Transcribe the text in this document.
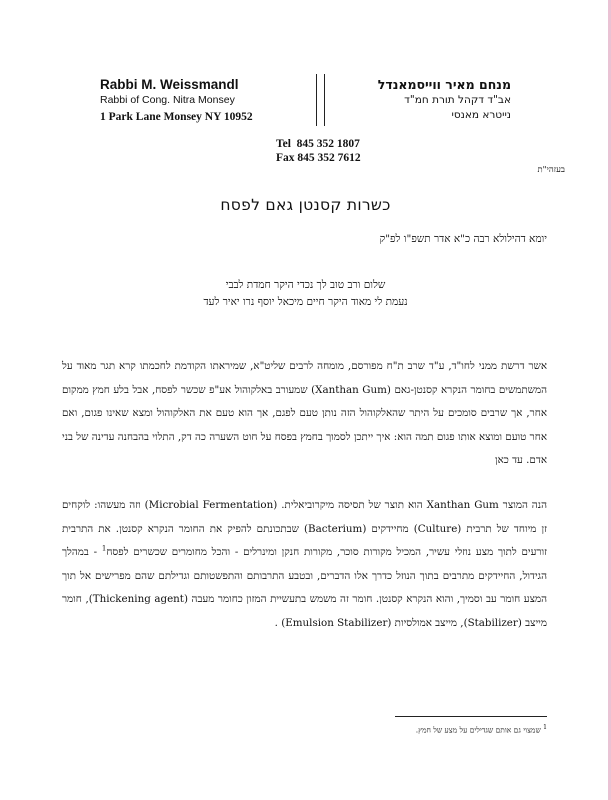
Rabbi M. Weissmandl
Rabbi of Cong. Nitra Monsey
1 Park Lane Monsey NY 10952
מנחם מאיר ווייסמאנדל
אב"ד דקהל תורת חמ"ד
נייטרא מאנסי
Tel  845 352 1807
Fax 845 352 7612
בעזהי"ת
כשרות קסנטן גאם לפסח
יומא דהילולא רבה כ"א אדר תשפ"ו לפ"ק
שלום ורב טוב לך נכדי היקר חמדת לבבי
נעמת לי מאוד היקר חיים מיכאל יוסף נרו יאיר לעד

אשר דרשת ממני לחו"ד, ע"ד שרב ת"ח מפורסם, מומחה לרבים שליט"א, שמיראתו הקודמת לחכמתו קרא תגר מאוד על המשתמשים בחומר הנקרא קסנטן-גאם (Xanthan Gum) שמעורב באלקוהול אע"פ שכשר לפסח, אבל בלע חמץ ממקום אחר, אך שרבים סומכים על היתר שהאלקוהול הזה נותן טעם לפגם, אך הוא טעם את האלקוהול ומצא שאינו פגום, ואם אחר טועם ומוצא אותו פגום תמה הוא: איך ייתכן לסמוך בחמץ בפסח על חוט השערה כה דק, התלוי בהבחנה עדינה של בני אדם. עד כאן

הנה המוצר Xanthan Gum הוא תוצר של תסיסה מיקרוביאלית. (Microbial Fermentation) וזה מעשהו: לוקחים זן מיוחד של תרבית (Culture) מחיידקים (Bacterium) שבתכונתם להפיק את החומר הנקרא קסנטן. את התרבית זורעים לתוך מצע נוזלי עשיר, המכיל מקורות סוכר, מקורות חנקן ומינרלים - והכל מחומרים שכשרים לפסח$^1$ - במהלך הגידול, החיידקים מתרבים בתוך הנוזל כדרך אלו הדברים, ובטבע התרבותם והתפשטותם וגדילתם שהם מפרישים אל תוך המצע חומר עב וסמיך, והוא הנקרא קסנטן. חומר זה משמש בתעשיית המזון כחומר מעבה (Thickening agent), חומר מייצב (Stabilizer), מייצב אמולסיות (Emulsion Stabilizer) .

$^1$ שמצוי גם אותם שגדילים על מצע של חמץ.
